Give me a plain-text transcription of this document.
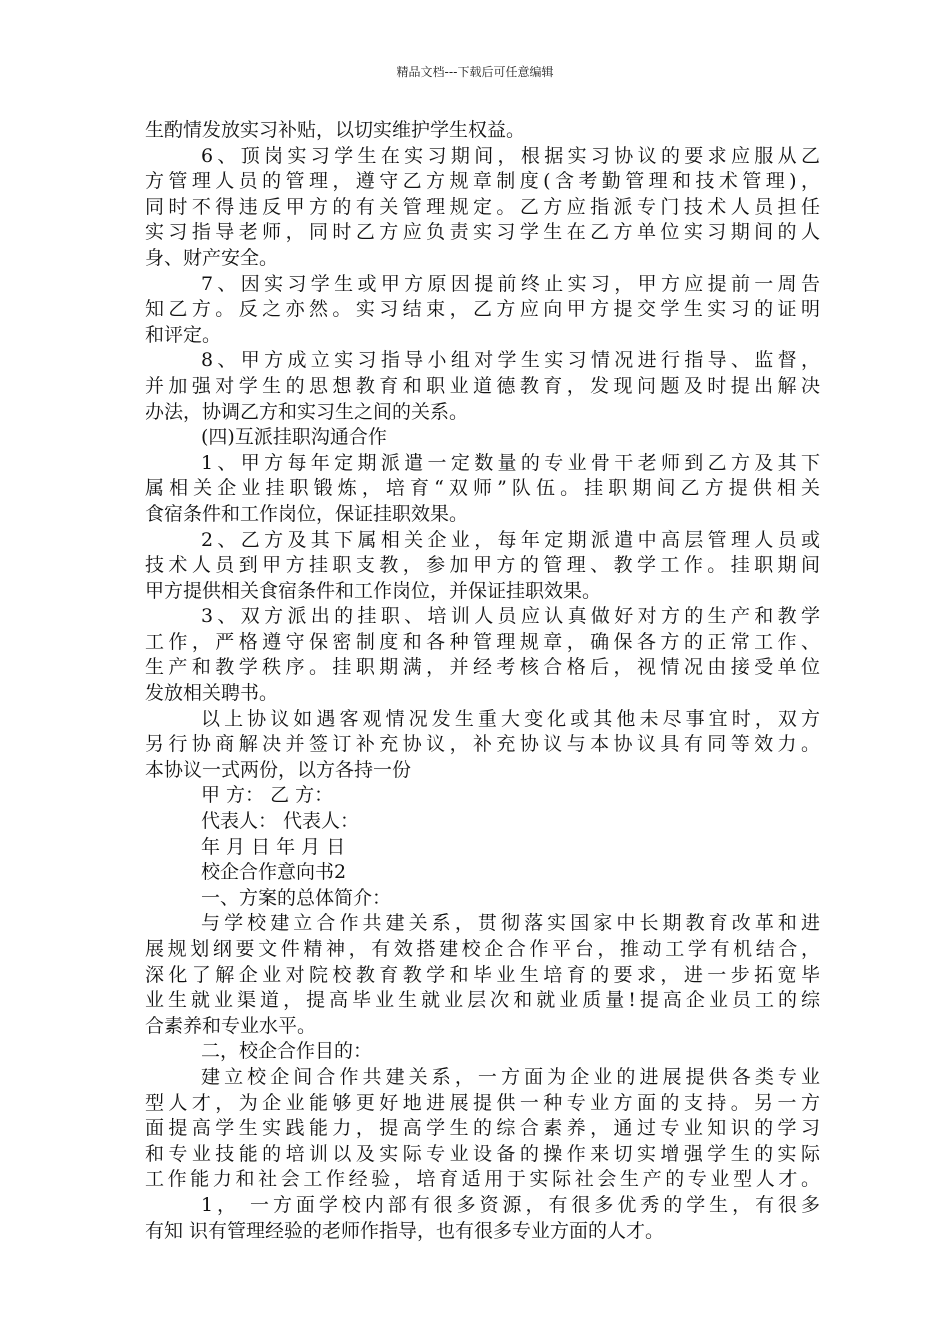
精品文档---下载后可任意编辑
生酌情发放实习补贴，以切实维护学生权益。
6、顶岗实习学生在实习期间，根据实习协议的要求应服从乙
方管理人员的管理，遵守乙方规章制度(含考勤管理和技术管理)，
同时不得违反甲方的有关管理规定。乙方应指派专门技术人员担任
实习指导老师，同时乙方应负责实习学生在乙方单位实习期间的人
身、财产安全。
7、因实习学生或甲方原因提前终止实习，甲方应提前一周告
知乙方。反之亦然。实习结束，乙方应向甲方提交学生实习的证明
和评定。
8、甲方成立实习指导小组对学生实习情况进行指导、监督，
并加强对学生的思想教育和职业道德教育，发现问题及时提出解决
办法，协调乙方和实习生之间的关系。
(四)互派挂职沟通合作
1、甲方每年定期派遣一定数量的专业骨干老师到乙方及其下
属相关企业挂职锻炼，培育“双师”队伍。挂职期间乙方提供相关
食宿条件和工作岗位，保证挂职效果。
2、乙方及其下属相关企业，每年定期派遣中高层管理人员或
技术人员到甲方挂职支教，参加甲方的管理、教学工作。挂职期间
甲方提供相关食宿条件和工作岗位，并保证挂职效果。
3、双方派出的挂职、培训人员应认真做好对方的生产和教学
工作，严格遵守保密制度和各种管理规章，确保各方的正常工作、
生产和教学秩序。挂职期满，并经考核合格后，视情况由接受单位
发放相关聘书。
以上协议如遇客观情况发生重大变化或其他未尽事宜时，双方
另行协商解决并签订补充协议，补充协议与本协议具有同等效力。
本协议一式两份，以方各持一份
甲 方： 乙 方：
代表人： 代表人：
年 月 日 年 月 日
校企合作意向书2
一、方案的总体简介：
与学校建立合作共建关系，贯彻落实国家中长期教育改革和进
展规划纲要文件精神，有效搭建校企合作平台，推动工学有机结合，
深化了解企业对院校教育教学和毕业生培育的要求，进一步拓宽毕
业生就业渠道，提高毕业生就业层次和就业质量!提高企业员工的综
合素养和专业水平。
二，校企合作目的：
建立校企间合作共建关系，一方面为企业的进展提供各类专业
型人才，为企业能够更好地进展提供一种专业方面的支持。另一方
面提高学生实践能力，提高学生的综合素养，通过专业知识的学习
和专业技能的培训以及实际专业设备的操作来切实增强学生的实际
工作能力和社会工作经验，培育适用于实际社会生产的专业型人才。
1， 一方面学校内部有很多资源，有很多优秀的学生，有很多
有知 识有管理经验的老师作指导，也有很多专业方面的人才。
